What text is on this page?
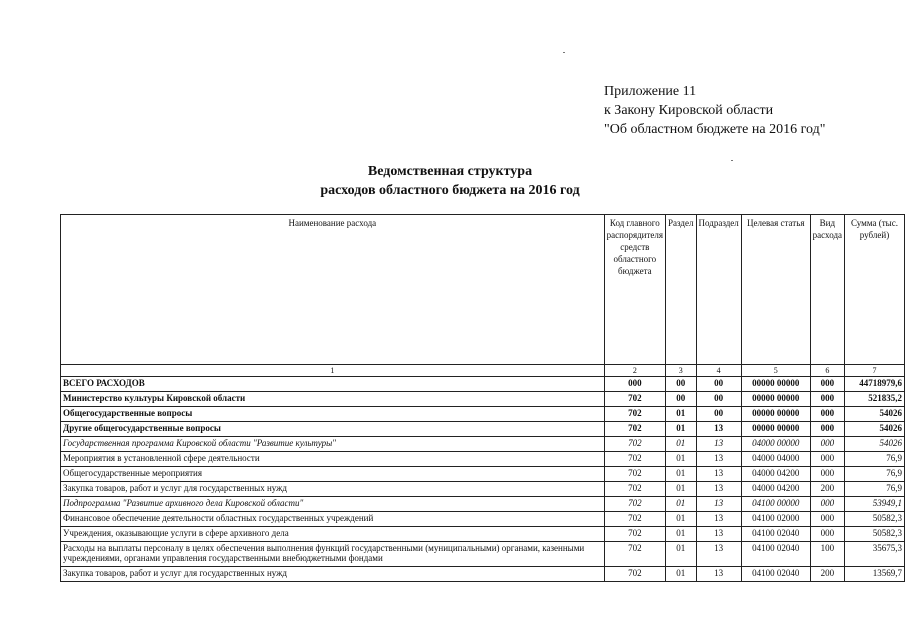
Приложение 11
к Закону Кировской области
"Об областном бюджете на 2016 год"
Ведомственная структура
расходов областного бюджета на 2016 год
Наименование расхода	Код главного распорядителя средств областного бюджета	Раздел	Подраздел	Целевая статья	Вид расхода	Сумма (тыс. рублей)
1	2	3	4	5	6	7
ВСЕГО РАСХОДОВ	000	00	00	00000 00000	000	44718979,6
Министерство культуры Кировской области	702	00	00	00000 00000	000	521835,2
Общегосударственные вопросы	702	01	00	00000 00000	000	54026
Другие общегосударственные вопросы	702	01	13	00000 00000	000	54026
Государственная программа Кировской области "Развитие культуры"	702	01	13	04000 00000	000	54026
Мероприятия в установленной сфере деятельности	702	01	13	04000 04000	000	76,9
Общегосударственные мероприятия	702	01	13	04000 04200	000	76,9
Закупка товаров, работ и услуг для государственных нужд	702	01	13	04000 04200	200	76,9
Подпрограмма "Развитие архивного дела Кировской области"	702	01	13	04100 00000	000	53949,1
Финансовое обеспечение деятельности областных государственных учреждений	702	01	13	04100 02000	000	50582,3
Учреждения, оказывающие услуги в сфере архивного дела	702	01	13	04100 02040	000	50582,3
Расходы на выплаты персоналу в целях обеспечения выполнения функций государственными (муниципальными) органами, казенными учреждениями, органами управления государственными внебюджетными фондами	702	01	13	04100 02040	100	35675,3
Закупка товаров, работ и услуг для государственных нужд	702	01	13	04100 02040	200	13569,7
